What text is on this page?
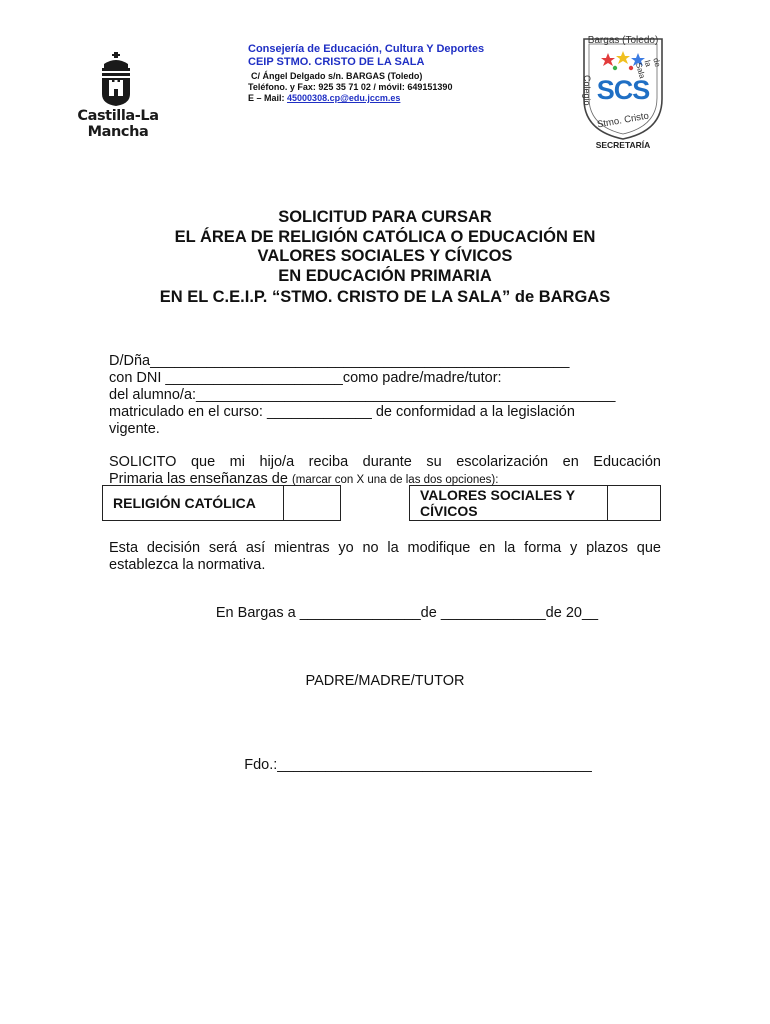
Castilla-La Mancha
Consejería de Educación, Cultura Y Deportes
CEIP STMO. CRISTO DE LA SALA
C/ Ángel Delgado s/n. BARGAS (Toledo)
Teléfono. y Fax: 925 35 71 02 / móvil: 649151390
E – Mail: 45000308.cp@edu.jccm.es
Bargas (Toledo)
Colegio
de la Sala
SCS
Stmo. Cristo
SECRETARÍA
SOLICITUD PARA CURSAR
EL ÁREA DE RELIGIÓN CATÓLICA O EDUCACIÓN EN
VALORES SOCIALES Y CÍVICOS
EN EDUCACIÓN PRIMARIA
EN EL C.E.I.P. “STMO. CRISTO DE LA SALA” de BARGAS
D/Dña____________________________________________________
con DNI ______________________como padre/madre/tutor:
del alumno/a:____________________________________________________
matriculado en el curso: _____________ de conformidad a la legislación
vigente.
SOLICITO que mi hijo/a reciba durante su escolarización en Educación
Primaria las enseñanzas de (marcar con X una de las dos opciones):
RELIGIÓN CATÓLICA	VALORES SOCIALES Y
CÍVICOS
Esta decisión será así mientras yo no la modifique en la forma y plazos que
establezca la normativa.
En Bargas a _______________de _____________de 20__
PADRE/MADRE/TUTOR
Fdo.:_______________________________________
